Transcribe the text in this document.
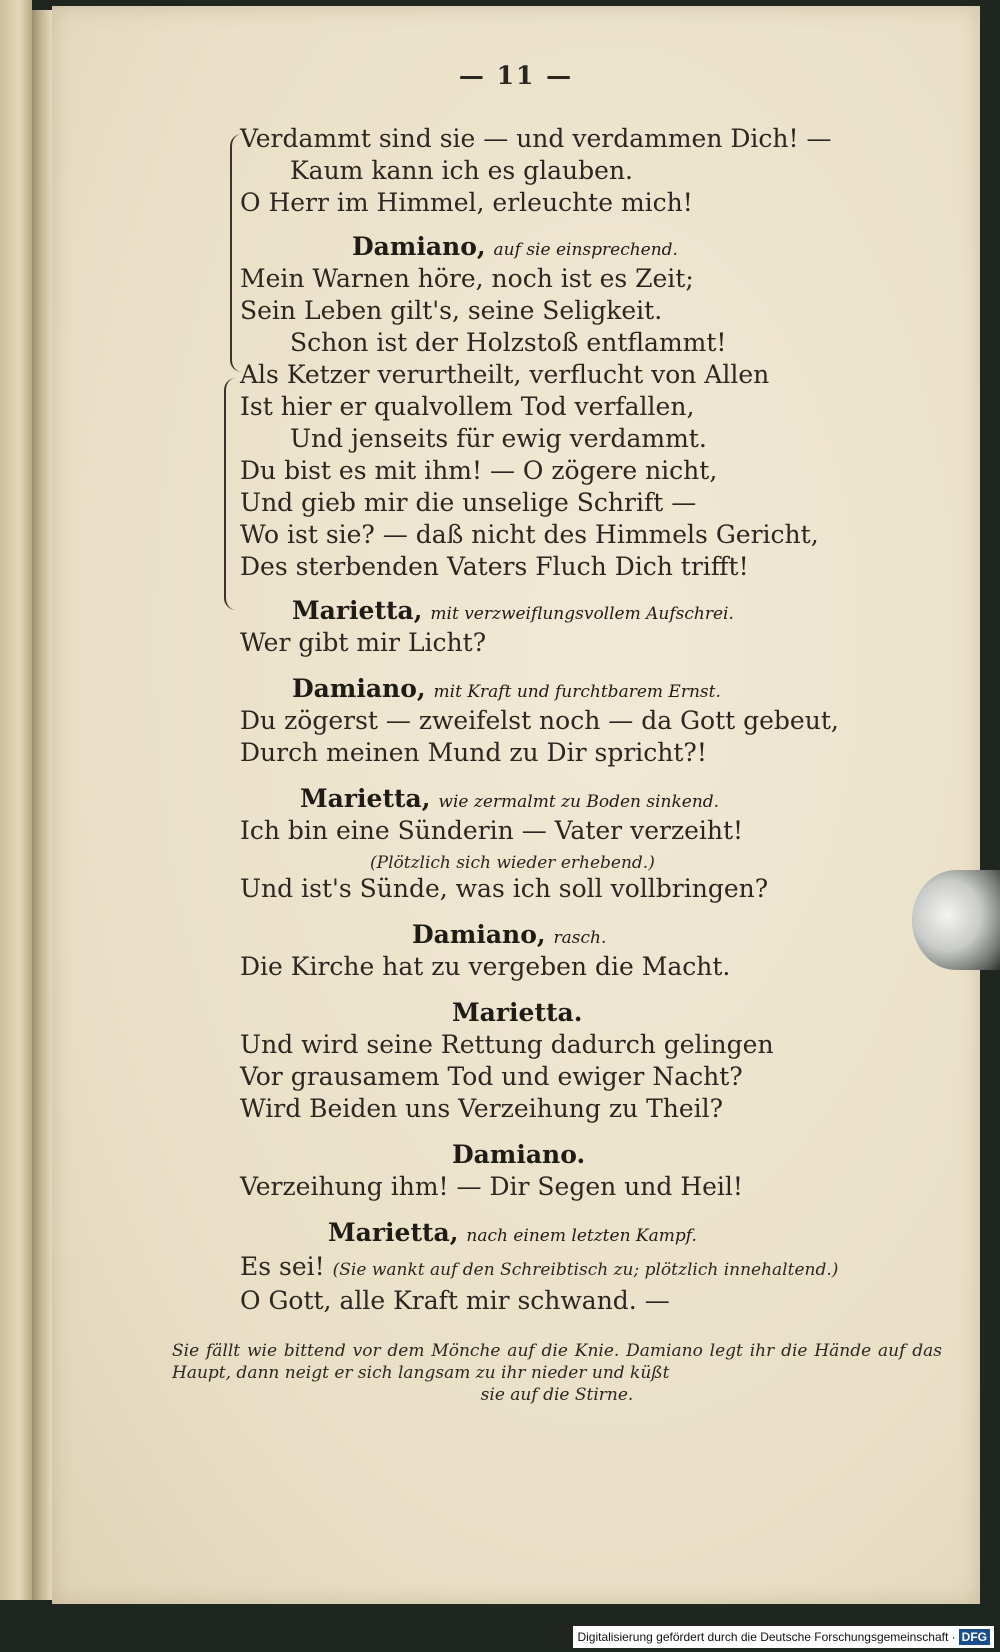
— 11 —
Verdammt sind sie — und verdammen Dich! —
Kaum kann ich es glauben.
O Herr im Himmel, erleuchte mich!
Damiano, auf sie einsprechend.
Mein Warnen höre, noch ist es Zeit;
Sein Leben gilt's, seine Seligkeit.
Schon ist der Holzstoß entflammt!
Als Ketzer verurtheilt, verflucht von Allen
Ist hier er qualvollem Tod verfallen,
Und jenseits für ewig verdammt.
Du bist es mit ihm! — O zögere nicht,
Und gieb mir die unselige Schrift —
Wo ist sie? — daß nicht des Himmels Gericht,
Des sterbenden Vaters Fluch Dich trifft!
Marietta, mit verzweiflungsvollem Aufschrei.
Wer gibt mir Licht?
Damiano, mit Kraft und furchtbarem Ernst.
Du zögerst — zweifelst noch — da Gott gebeut,
Durch meinen Mund zu Dir spricht?!
Marietta, wie zermalmt zu Boden sinkend.
Ich bin eine Sünderin — Vater verzeiht!
(Plötzlich sich wieder erhebend.)
Und ist's Sünde, was ich soll vollbringen?
Damiano, rasch.
Die Kirche hat zu vergeben die Macht.
Marietta.
Und wird seine Rettung dadurch gelingen
Vor grausamem Tod und ewiger Nacht?
Wird Beiden uns Verzeihung zu Theil?
Damiano.
Verzeihung ihm! — Dir Segen und Heil!
Marietta, nach einem letzten Kampf.
Es sei! (Sie wankt auf den Schreibtisch zu; plötzlich innehaltend.)
O Gott, alle Kraft mir schwand. —
Sie fällt wie bittend vor dem Mönche auf die Knie. Damiano legt ihr die Hände auf das Haupt, dann neigt er sich langsam zu ihr nieder und küßt
sie auf die Stirne.
Digitalisierung gefördert durch die Deutsche Forschungsgemeinschaft · DFG
